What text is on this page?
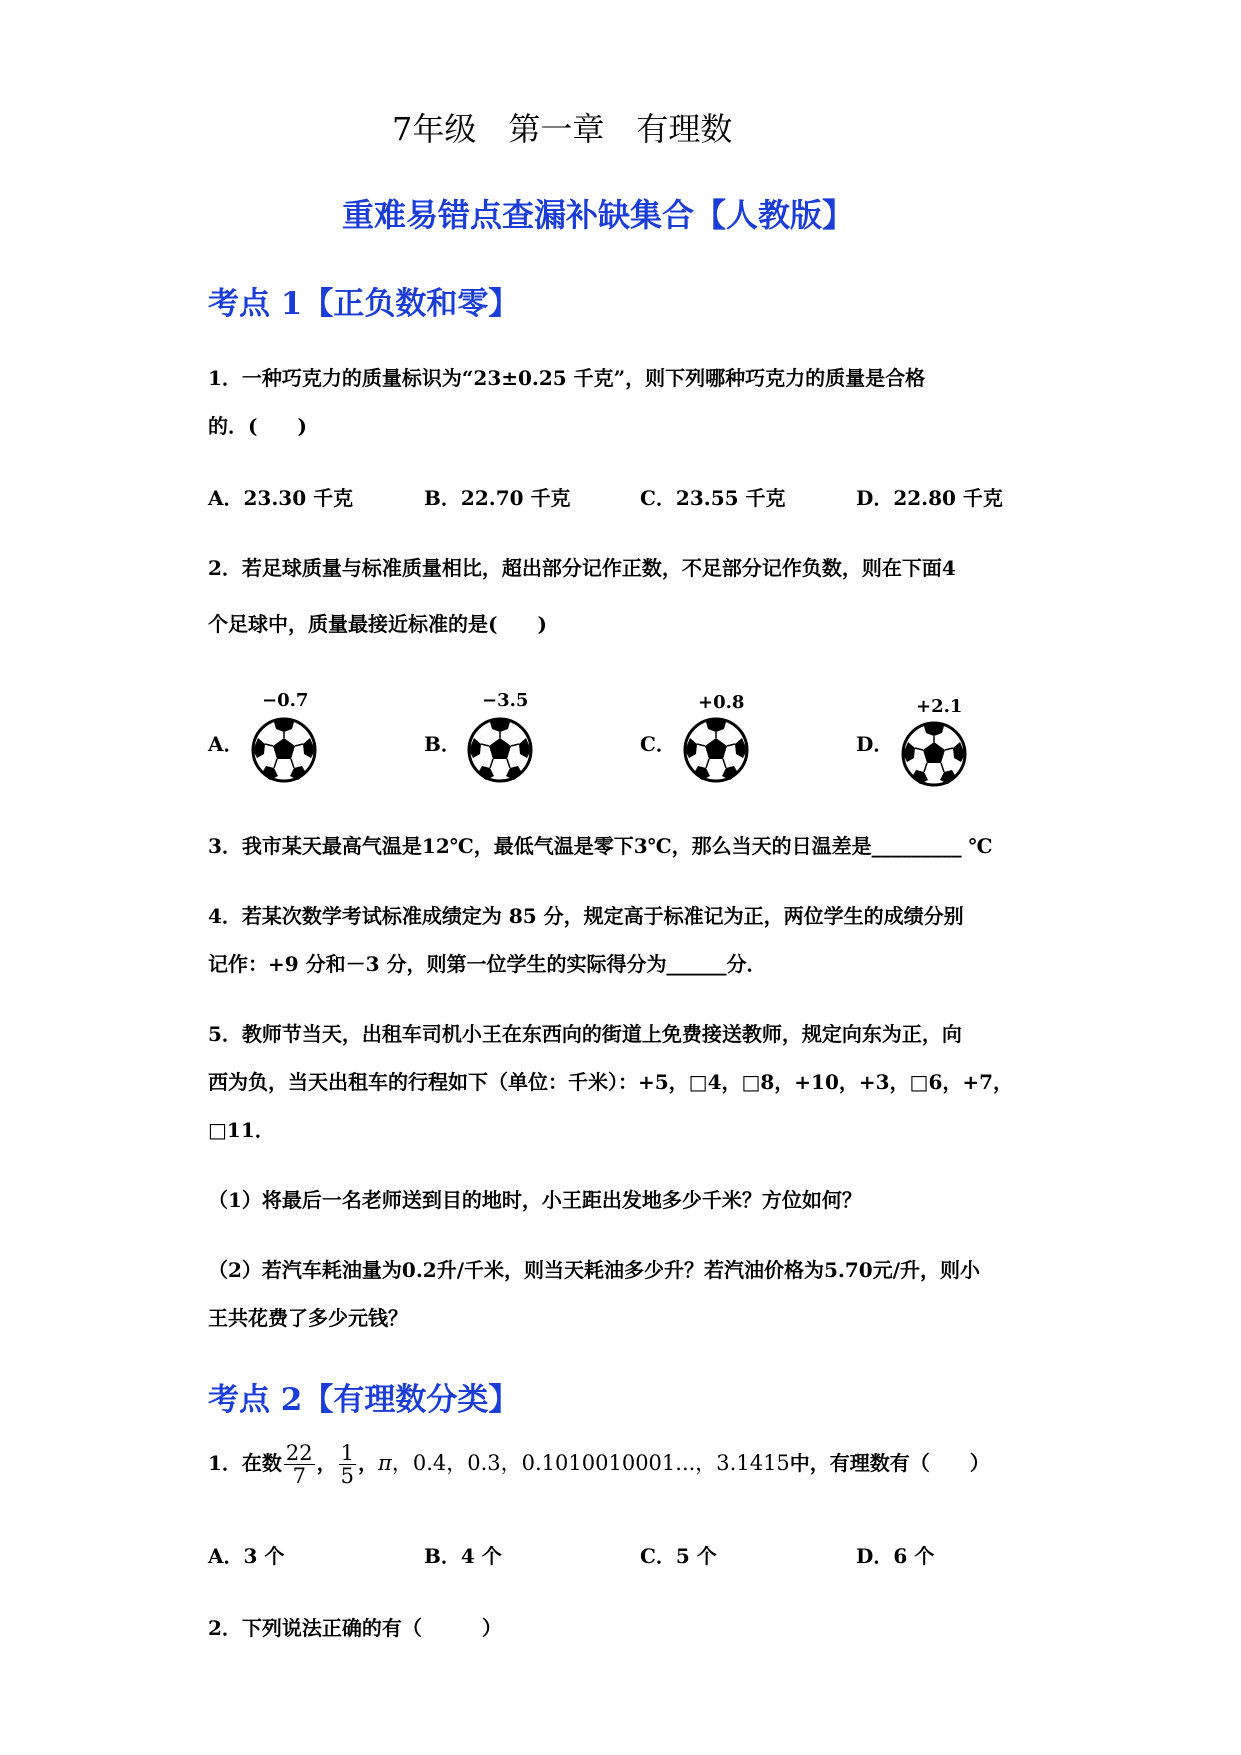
7年级　第一章　有理数
重难易错点查漏补缺集合【人教版】
考点 1【正负数和零】
1．一种巧克力的质量标识为“23±0.25 千克”，则下列哪种巧克力的质量是合格
的．(　　)
A．23.30 千克	B．22.70 千克	C．23.55 千克	D．22.80 千克
2．若足球质量与标准质量相比，超出部分记作正数，不足部分记作负数，则在下面4
个足球中，质量最接近标准的是(　　)
A．
−0.7
B．
−3.5
C．
+0.8
D．
+2.1
3．我市某天最高气温是12℃，最低气温是零下3℃，那么当天的日温差是_________ ℃
4．若某次数学考试标准成绩定为 85 分，规定高于标准记为正，两位学生的成绩分别
记作：+9 分和－3 分，则第一位学生的实际得分为______分．
5．教师节当天，出租车司机小王在东西向的街道上免费接送教师，规定向东为正，向
西为负，当天出租车的行程如下（单位：千米）：+5，□4，□8，+10，+3，□6，+7，
□11．
（1）将最后一名老师送到目的地时，小王距出发地多少千米？方位如何？
（2）若汽车耗油量为0.2升/千米，则当天耗油多少升？若汽油价格为5.70元/升，则小
王共花费了多少元钱？
考点 2【有理数分类】
1．在数 $\frac{22}{7}$ ， $\frac{1}{5}$ ，π，0.4，0.3，0.1010010001...，3.1415中，有理数有（　　）
A．3 个	B．4 个	C．5 个	D．6 个
2．下列说法正确的有（　　　）
